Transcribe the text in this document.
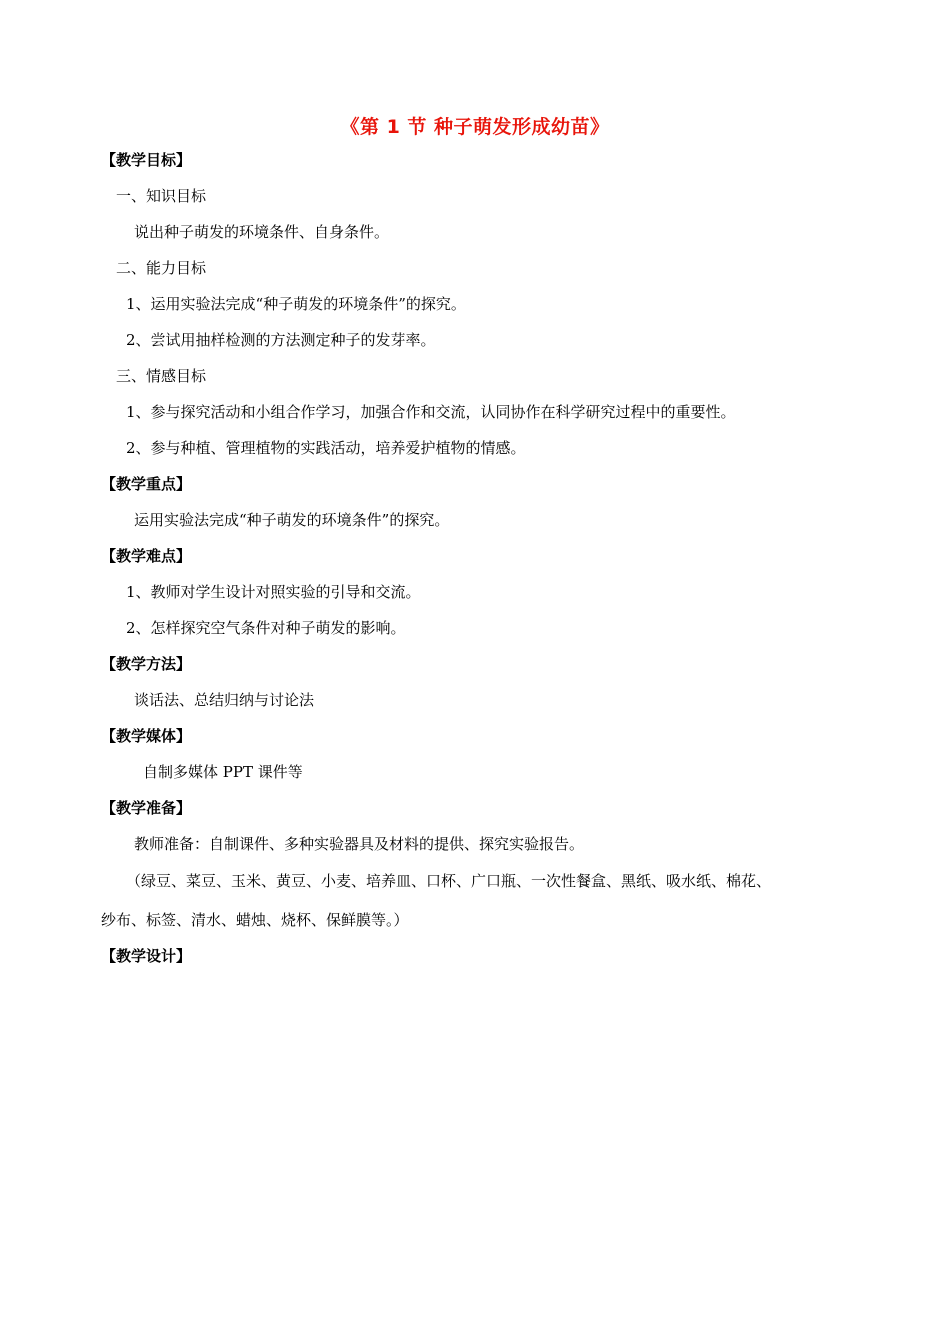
《第 1 节 种子萌发形成幼苗》
【教学目标】
一、知识目标
说出种子萌发的环境条件、自身条件。
二、能力目标
1、运用实验法完成“种子萌发的环境条件”的探究。
2、尝试用抽样检测的方法测定种子的发芽率。
三、情感目标
1、参与探究活动和小组合作学习，加强合作和交流，认同协作在科学研究过程中的重要性。
2、参与种植、管理植物的实践活动，培养爱护植物的情感。
【教学重点】
运用实验法完成“种子萌发的环境条件”的探究。
【教学难点】
1、教师对学生设计对照实验的引导和交流。
2、怎样探究空气条件对种子萌发的影响。
【教学方法】
谈话法、总结归纳与讨论法
【教学媒体】
自制多媒体 PPT 课件等
【教学准备】
教师准备：自制课件、多种实验器具及材料的提供、探究实验报告。
（绿豆、菜豆、玉米、黄豆、小麦、培养皿、口杯、广口瓶、一次性餐盒、黑纸、吸水纸、棉花、
纱布、标签、清水、蜡烛、烧杯、保鲜膜等。）
【教学设计】
